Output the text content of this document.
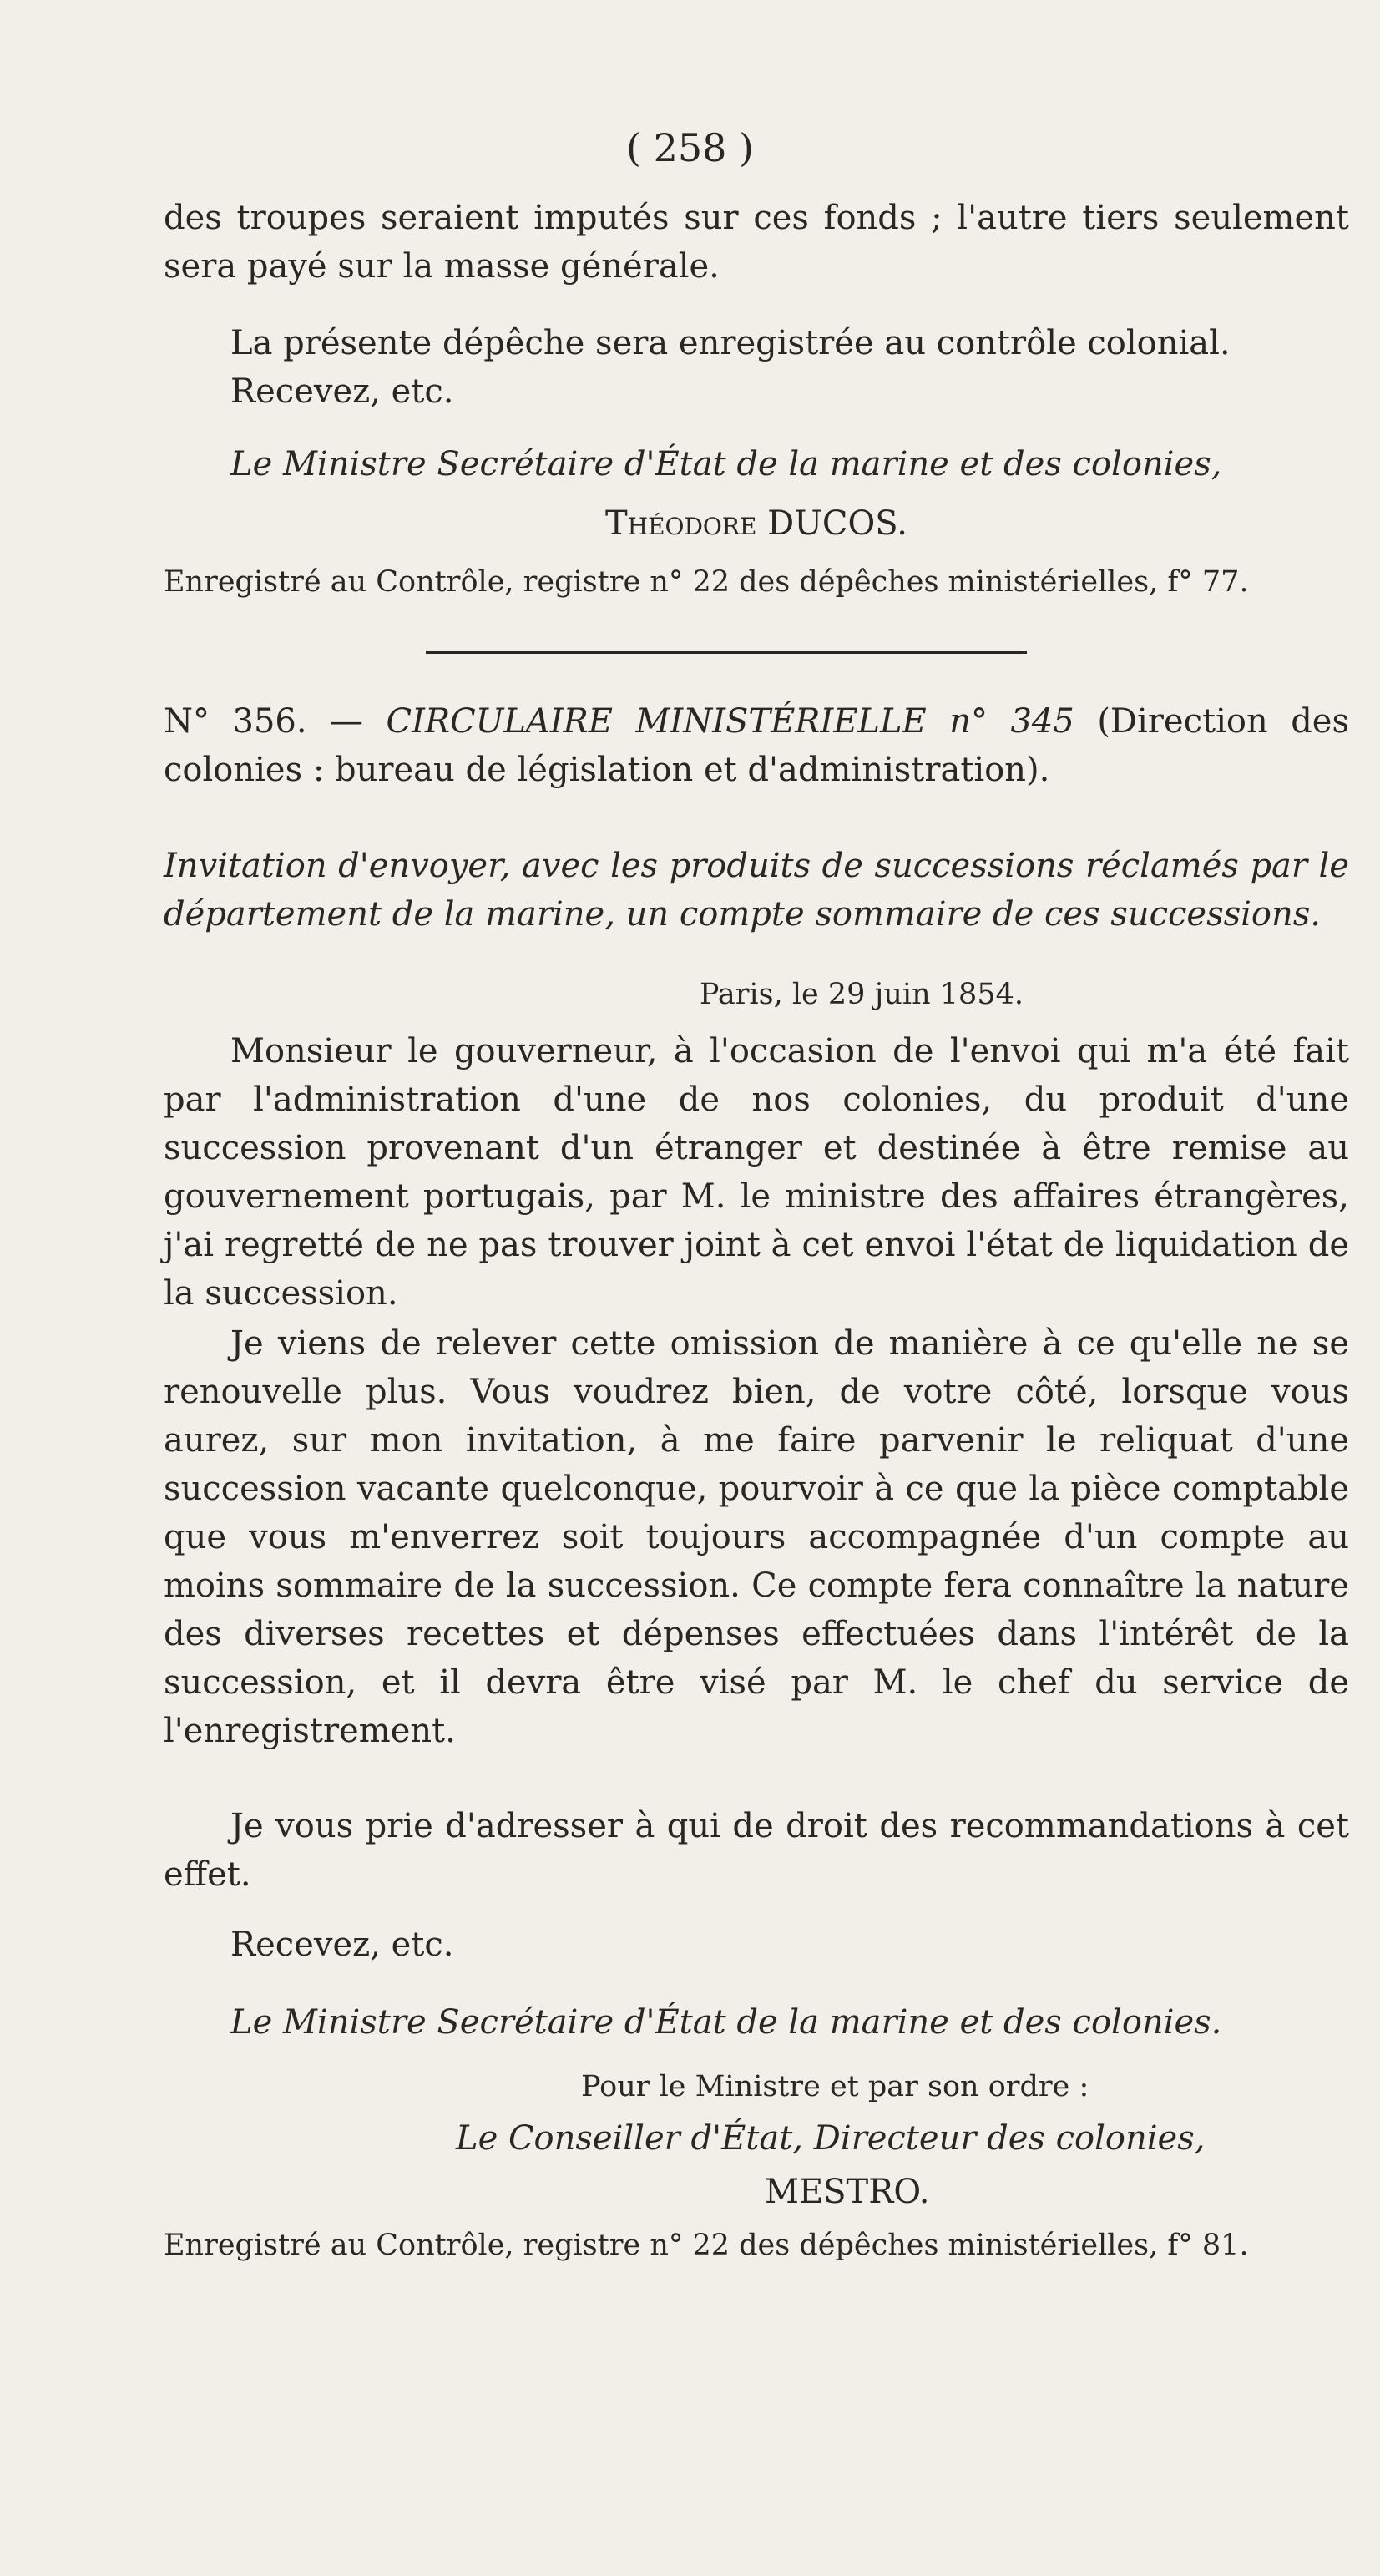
( 258 )
des troupes seraient imputés sur ces fonds ; l'autre tiers seulement sera payé sur la masse générale.
La présente dépêche sera enregistrée au contrôle colonial.
Recevez, etc.
Le Ministre Secrétaire d'État de la marine et des colonies,
Théodore DUCOS.
Enregistré au Contrôle, registre n° 22 des dépêches ministérielles, f° 77.
N° 356. — CIRCULAIRE MINISTÉRIELLE n° 345 (Direction des colonies : bureau de législation et d'administration).
Invitation d'envoyer, avec les produits de successions réclamés par le département de la marine, un compte sommaire de ces successions.
Paris, le 29 juin 1854.
Monsieur le gouverneur, à l'occasion de l'envoi qui m'a été fait par l'administration d'une de nos colonies, du produit d'une succession provenant d'un étranger et destinée à être remise au gouvernement portugais, par M. le ministre des affaires étrangères, j'ai regretté de ne pas trouver joint à cet envoi l'état de liquidation de la succession.
Je viens de relever cette omission de manière à ce qu'elle ne se renouvelle plus. Vous voudrez bien, de votre côté, lorsque vous aurez, sur mon invitation, à me faire parvenir le reliquat d'une succession vacante quelconque, pourvoir à ce que la pièce comptable que vous m'enverrez soit toujours accompagnée d'un compte au moins sommaire de la succession. Ce compte fera connaître la nature des diverses recettes et dépenses effectuées dans l'intérêt de la succession, et il devra être visé par M. le chef du service de l'enregistrement.
Je vous prie d'adresser à qui de droit des recommandations à cet effet.
Recevez, etc.
Le Ministre Secrétaire d'État de la marine et des colonies.
Pour le Ministre et par son ordre :
Le Conseiller d'État, Directeur des colonies,
MESTRO.
Enregistré au Contrôle, registre n° 22 des dépêches ministérielles, f° 81.
